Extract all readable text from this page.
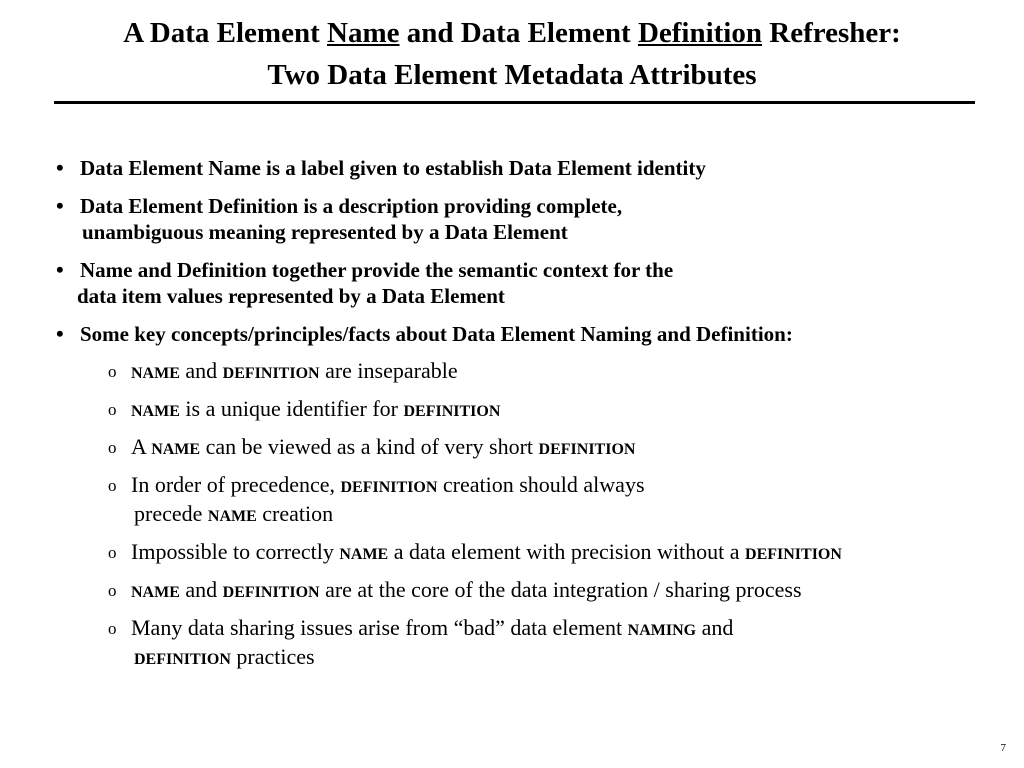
A Data Element Name and Data Element Definition Refresher:
Two Data Element Metadata Attributes
• Data Element Name is a label given to establish Data Element identity
• Data Element Definition is a description providing complete,
unambiguous meaning represented by a Data Element
• Name and Definition together provide the semantic context for the
data item values represented by a Data Element
• Some key concepts/principles/facts about Data Element Naming and Definition:
o NAME and DEFINITION are inseparable
o NAME is a unique identifier for DEFINITION
o A NAME can be viewed as a kind of very short DEFINITION
o In order of precedence, DEFINITION creation should always
precede NAME creation
o Impossible to correctly NAME a data element with precision without a DEFINITION
o NAME and DEFINITION are at the core of the data integration / sharing process
o Many data sharing issues arise from “bad” data element NAMING and
DEFINITION practices
7
